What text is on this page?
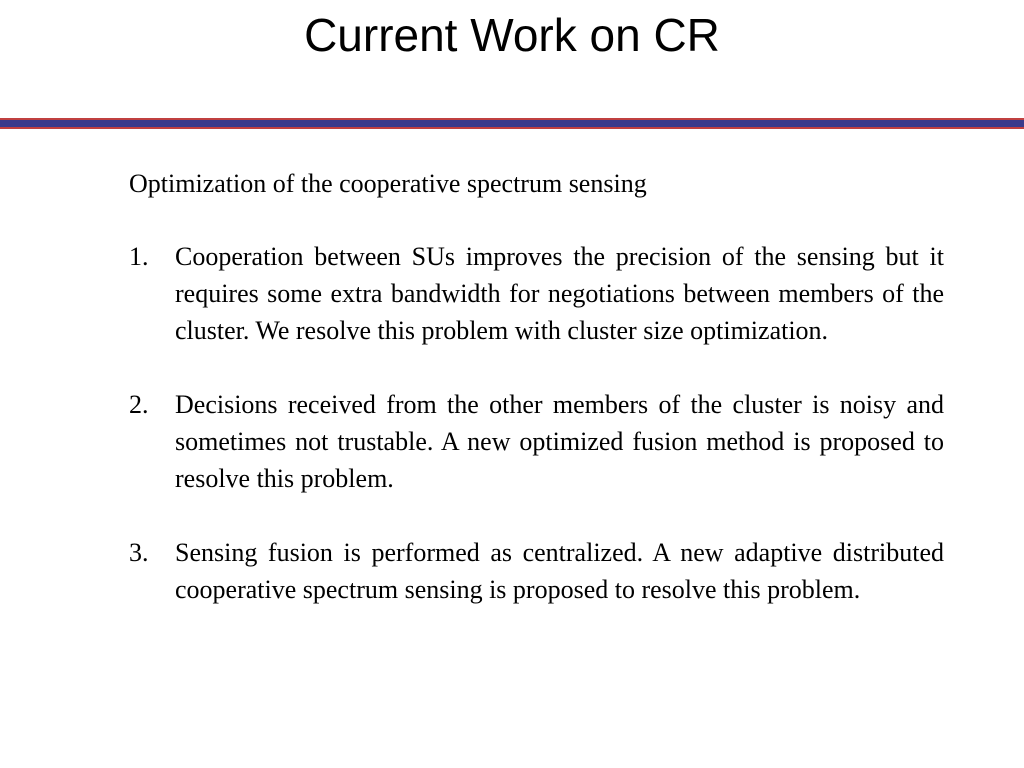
Current Work on CR

Optimization of the cooperative spectrum sensing

1. Cooperation between SUs improves the precision of the sensing but it requires some extra bandwidth for negotiations between members of the cluster. We resolve this problem with cluster size optimization.
2. Decisions received from the other members of the cluster is noisy and sometimes not trustable. A new optimized fusion method is proposed to resolve this problem.
3. Sensing fusion is performed as centralized. A new adaptive distributed cooperative spectrum sensing is proposed to resolve this problem.
